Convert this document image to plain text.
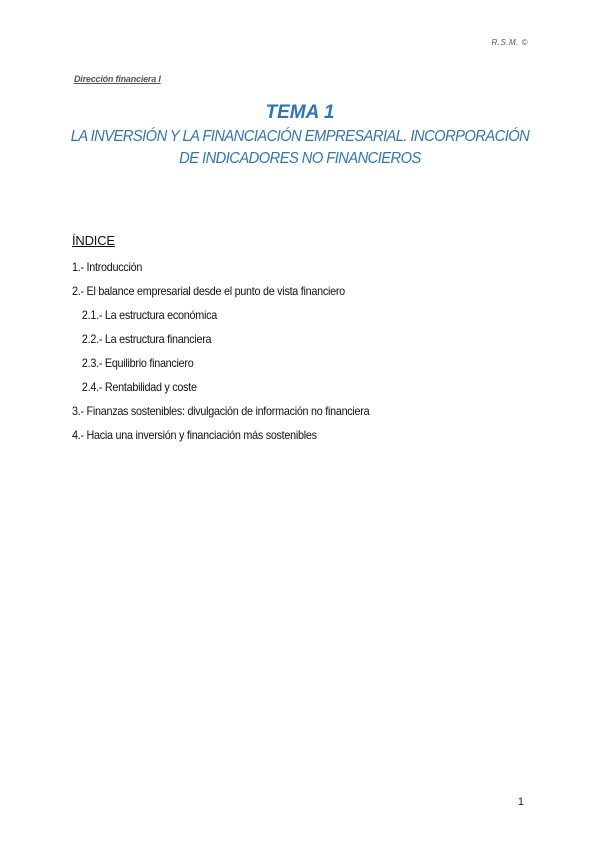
R.S.M. ©
Dirección financiera I
TEMA 1
LA INVERSIÓN Y LA FINANCIACIÓN EMPRESARIAL. INCORPORACIÓN
DE INDICADORES NO FINANCIEROS
ÍNDICE
1.- Introducción
2.- El balance empresarial desde el punto de vista financiero
2.1.- La estructura económica
2.2.- La estructura financiera
2.3.- Equilibrio financiero
2.4.- Rentabilidad y coste
3.- Finanzas sostenibles: divulgación de información no financiera
4.- Hacia una inversión y financiación más sostenibles
1
